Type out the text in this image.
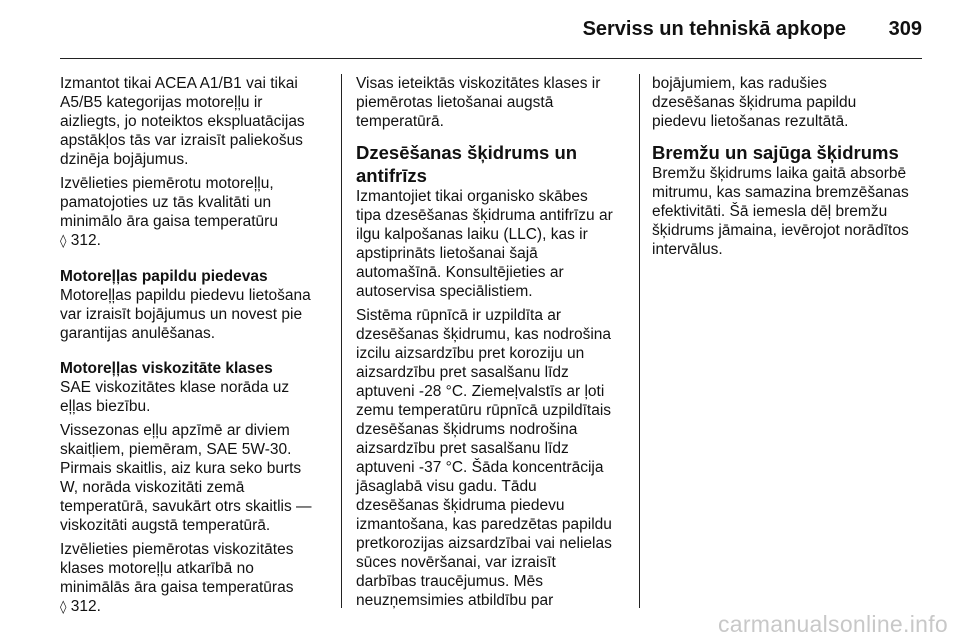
Serviss un tehniskā apkope 309

Izmantot tikai ACEA A1/B1 vai tikai
A5/B5 kategorijas motoreļļu ir
aizliegts, jo noteiktos ekspluatācijas
apstākļos tās var izraisīt paliekošus
dzinēja bojājumus.

Izvēlieties piemērotu motoreļļu,
pamatojoties uz tās kvalitāti un
minimālo āra gaisa temperatūru
◊ 312.

Motoreļļas papildu piedevas

Motoreļļas papildu piedevu lietošana
var izraisīt bojājumus un novest pie
garantijas anulēšanas.

Motoreļļas viskozitāte klases

SAE viskozitātes klase norāda uz
eļļas biezību.

Vissezonas eļļu apzīmē ar diviem
skaitļiem, piemēram, SAE 5W-30.
Pirmais skaitlis, aiz kura seko burts
W, norāda viskozitāti zemā
temperatūrā, savukārt otrs skaitlis —
viskozitāti augstā temperatūrā.

Izvēlieties piemērotas viskozitātes
klases motoreļļu atkarībā no
minimālās āra gaisa temperatūras
◊ 312.

Visas ieteiktās viskozitātes klases ir
piemērotas lietošanai augstā
temperatūrā.

Dzesēšanas šķidrums un
antifrīzs

Izmantojiet tikai organisko skābes
tipa dzesēšanas šķidruma antifrīzu ar
ilgu kalpošanas laiku (LLC), kas ir
apstiprināts lietošanai šajā
automašīnā. Konsultējieties ar
autoservisa speciālistiem.

Sistēma rūpnīcā ir uzpildīta ar
dzesēšanas šķidrumu, kas nodrošina
izcilu aizsardzību pret koroziju un
aizsardzību pret sasalšanu līdz
aptuveni -28 °C. Ziemeļvalstīs ar ļoti
zemu temperatūru rūpnīcā uzpildītais
dzesēšanas šķidrums nodrošina
aizsardzību pret sasalšanu līdz
aptuveni -37 °C. Šāda koncentrācija
jāsaglabā visu gadu. Tādu
dzesēšanas šķidruma piedevu
izmantošana, kas paredzētas papildu
pretkorozijas aizsardzībai vai nelielas
sūces novēršanai, var izraisīt
darbības traucējumus. Mēs
neuzņemsimies atbildību par

bojājumiem, kas radušies
dzesēšanas šķidruma papildu
piedevu lietošanas rezultātā.

Bremžu un sajūga šķidrums

Bremžu šķidrums laika gaitā absorbē
mitrumu, kas samazina bremzēšanas
efektivitāti. Šā iemesla dēļ bremžu
šķidrums jāmaina, ievērojot norādītos
intervālus.

carmanualsonline.info
